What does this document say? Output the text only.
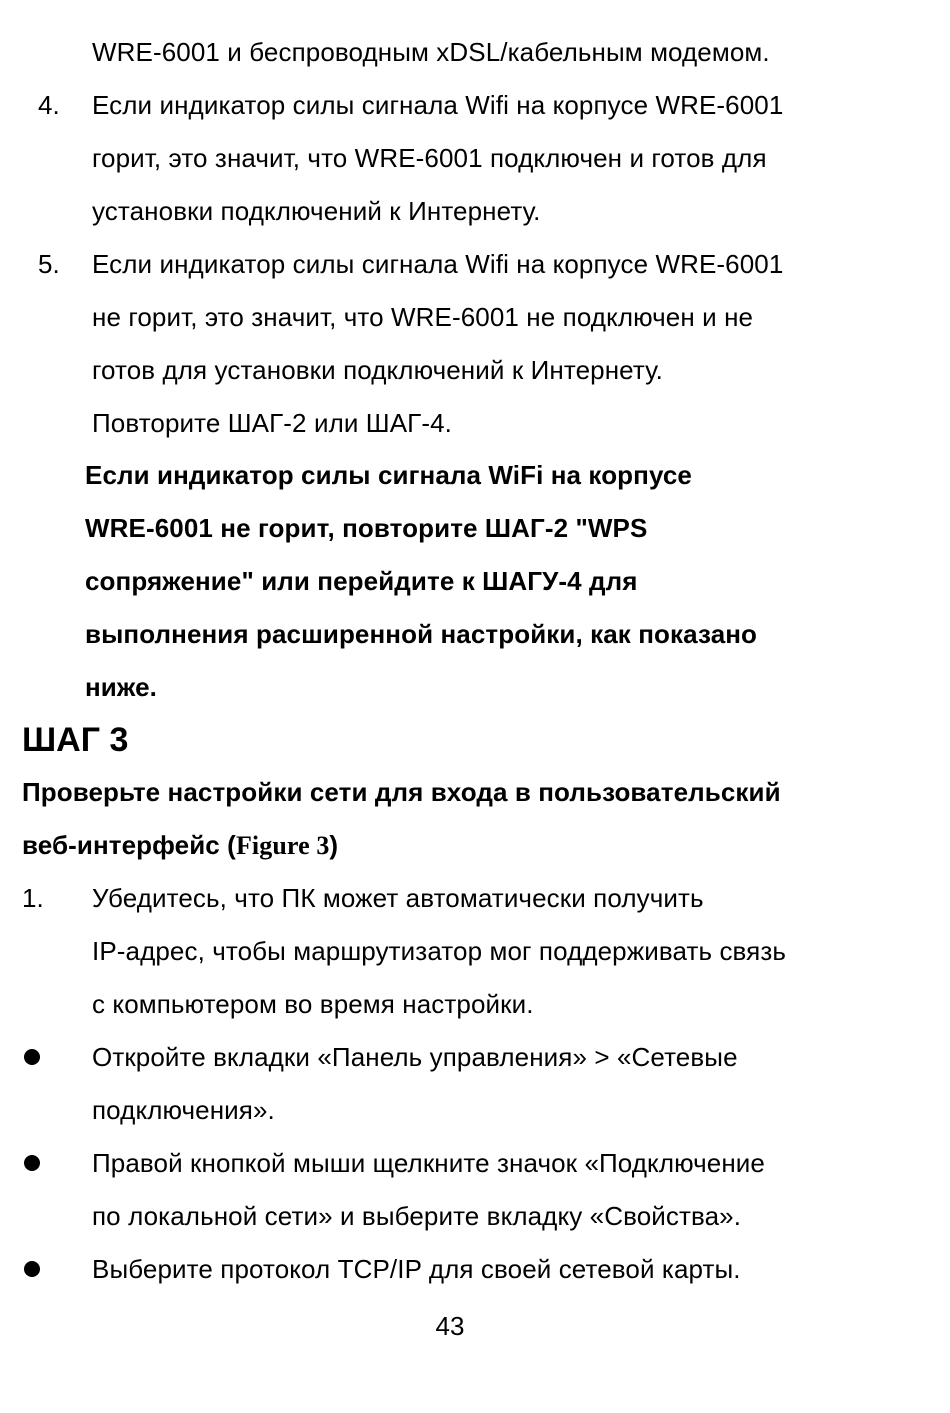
WRE-6001 и беспроводным xDSL/кабельным модемом.
4. Если индикатор силы сигнала Wifi на корпусе WRE-6001
горит, это значит, что WRE-6001 подключен и готов для
установки подключений к Интернету.
5. Если индикатор силы сигнала Wifi на корпусе WRE-6001
не горит, это значит, что WRE-6001 не подключен и не
готов для установки подключений к Интернету.
Повторите ШАГ-2 или ШАГ-4.
Если индикатор силы сигнала WiFi на корпусе
WRE-6001 не горит, повторите ШАГ-2 "WPS
сопряжение" или перейдите к ШАГУ-4 для
выполнения расширенной настройки, как показано
ниже.
ШАГ 3
Проверьте настройки сети для входа в пользовательский
веб-интерфейс (Figure 3)
1. Убедитесь, что ПК может автоматически получить
IP-адрес, чтобы маршрутизатор мог поддерживать связь
с компьютером во время настройки.
Откройте вкладки «Панель управления» > «Сетевые
подключения».
Правой кнопкой мыши щелкните значок «Подключение
по локальной сети» и выберите вкладку «Свойства».
Выберите протокол TCP/IP для своей сетевой карты.
43
